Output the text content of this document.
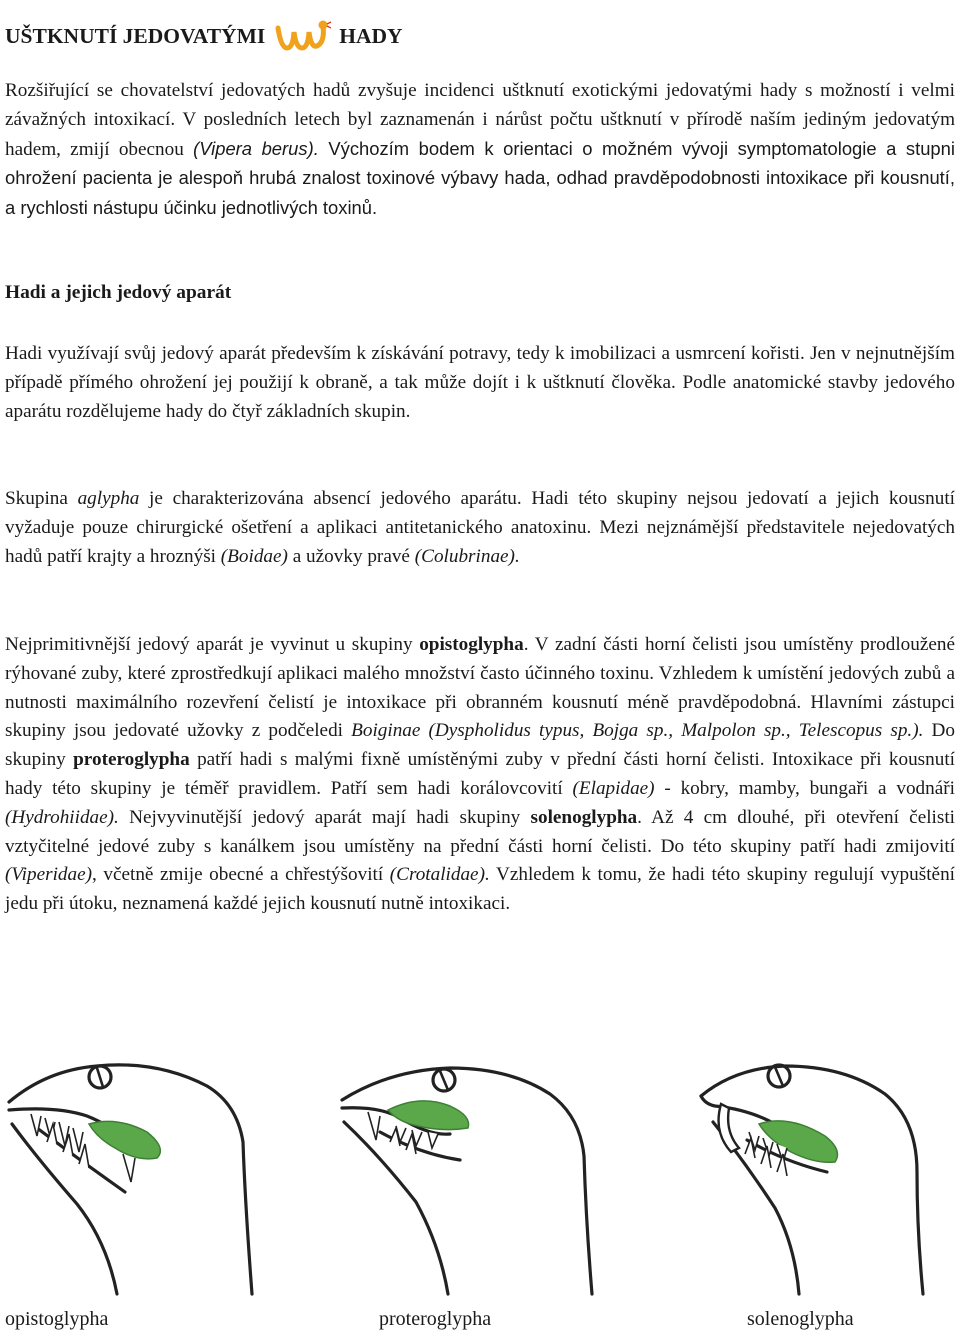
UŠTKNUTÍ JEDOVATÝMI	HADY

Rozšiřující se chovatelství jedovatých hadů zvyšuje incidenci uštknutí exotickými jedovatými hady s možností i velmi závažných intoxikací. V posledních letech byl zaznamenán i nárůst počtu uštknutí v přírodě naším jediným jedovatým hadem, zmijí obecnou (Vipera berus). Výchozím bodem k orientaci o možném vývoji symptomatologie a stupni ohrožení pacienta je alespoň hrubá znalost toxinové výbavy hada, odhad pravděpodobnosti intoxikace při kousnutí, a rychlosti nástupu účinku jednotlivých toxinů.

Hadi a jejich jedový aparát

Hadi využívají svůj jedový aparát především k získávání potravy, tedy k imobilizaci a usmrcení kořisti. Jen v nejnutnějším případě přímého ohrožení jej použijí k obraně, a tak může dojít i k uštknutí člověka. Podle anatomické stavby jedového aparátu rozdělujeme hady do čtyř základních skupin.

Skupina aglypha je charakterizována absencí jedového aparátu. Hadi této skupiny nejsou jedovatí a jejich kousnutí vyžaduje pouze chirurgické ošetření a aplikaci antitetanického anatoxinu. Mezi nejznámější představitele nejedovatých hadů patří krajty a hroznýši (Boidae) a užovky pravé (Colubrinae).

Nejprimitivnější jedový aparát je vyvinut u skupiny opistoglypha. V zadní části horní čelisti jsou umístěny prodloužené rýhované zuby, které zprostředkují aplikaci malého množství často účinného toxinu. Vzhledem k umístění jedových zubů a nutnosti maximálního rozevření čelistí je intoxikace při obranném kousnutí méně pravděpodobná. Hlavními zástupci skupiny jsou jedovaté užovky z podčeledi Boiginae (Dyspholidus typus, Bojga sp., Malpolon sp., Telescopus sp.). Do skupiny proteroglypha patří hadi s malými fixně umístěnými zuby v přední části horní čelisti. Intoxikace při kousnutí hady této skupiny je téměř pravidlem. Patří sem hadi korálovcovití (Elapidae) - kobry, mamby, bungaři a vodnáři (Hydrohiidae). Nejvyvinutější jedový aparát mají hadi skupiny solenoglypha. Až 4 cm dlouhé, při otevření čelisti vztyčitelné jedové zuby s kanálkem jsou umístěny na přední části horní čelisti. Do této skupiny patří hadi zmijovití (Viperidae), včetně zmije obecné a chřestýšovití (Crotalidae). Vzhledem k tomu, že hadi této skupiny regulují vypuštění jedu při útoku, neznamená každé jejich kousnutí nutně intoxikaci.

opistoglypha	proteroglypha	solenoglypha
